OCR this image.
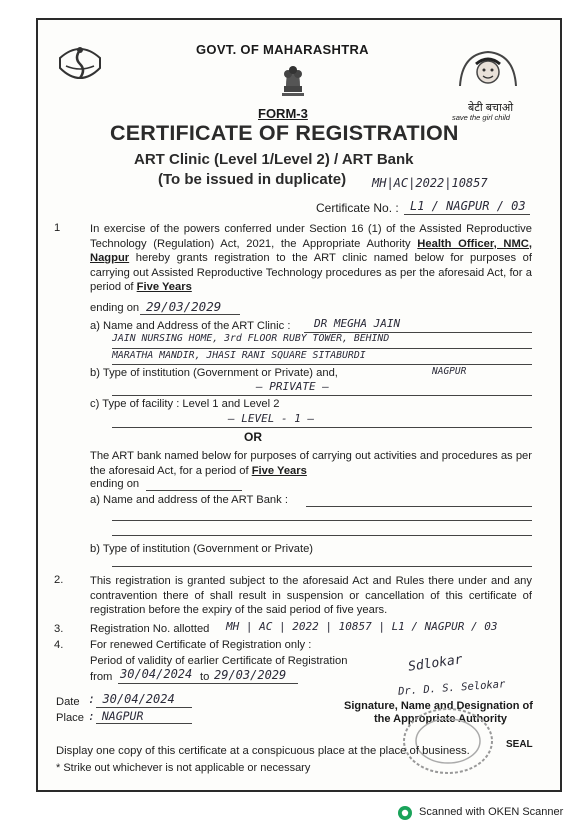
बेटी बचाओ
save the girl child
GOVT. OF MAHARASHTRA
FORM-3
CERTIFICATE OF REGISTRATION
ART Clinic (Level 1/Level 2) / ART Bank
(To be issued in duplicate) MH|AC|2022|10857
Certificate No. : L1 / NAGPUR / 03
1	In exercise of the powers conferred under Section 16 (1) of the Assisted Reproductive Technology (Regulation) Act, 2021, the Appropriate Authority Health Officer, NMC, Nagpur hereby grants registration to the ART clinic named below for purposes of carrying out Assisted Reproductive Technology procedures as per the aforesaid Act, for a period of Five Years
ending on 29/03/2029
a) Name and Address of the ART Clinic : DR MEGHA JAIN
JAIN NURSING HOME, 3rd FLOOR RUBY TOWER, BEHIND
MARATHA MANDIR, JHASI RANI SQUARE SITABURDI
NAGPUR
b) Type of institution (Government or Private) and,
— PRIVATE —
c) Type of facility : Level 1 and Level 2
— LEVEL - 1 —
OR
The ART bank named below for purposes of carrying out activities and procedures as per the aforesaid Act, for a period of Five Years
ending on
a) Name and address of the ART Bank :
b) Type of institution (Government or Private)
2. This registration is granted subject to the aforesaid Act and Rules there under and any contravention there of shall result in suspension or cancellation of this certificate of registration before the expiry of the said period of five years.
3. Registration No. allotted MH | AC | 2022 | 10857 | L1 / NAGPUR / 03
4. For renewed Certificate of Registration only :
Period of validity of earlier Certificate of Registration
from 30/04/2024 to 29/03/2029
Sdlokar
Dr. D. S. Selokar
Signature, Name and Designation of
the Appropriate Authority
SEAL
Date : 30/04/2024
Place : NAGPUR
Display one copy of this certificate at a conspicuous place at the place of business.
* Strike out whichever is not applicable or necessary
Scanned with OKEN Scanner
